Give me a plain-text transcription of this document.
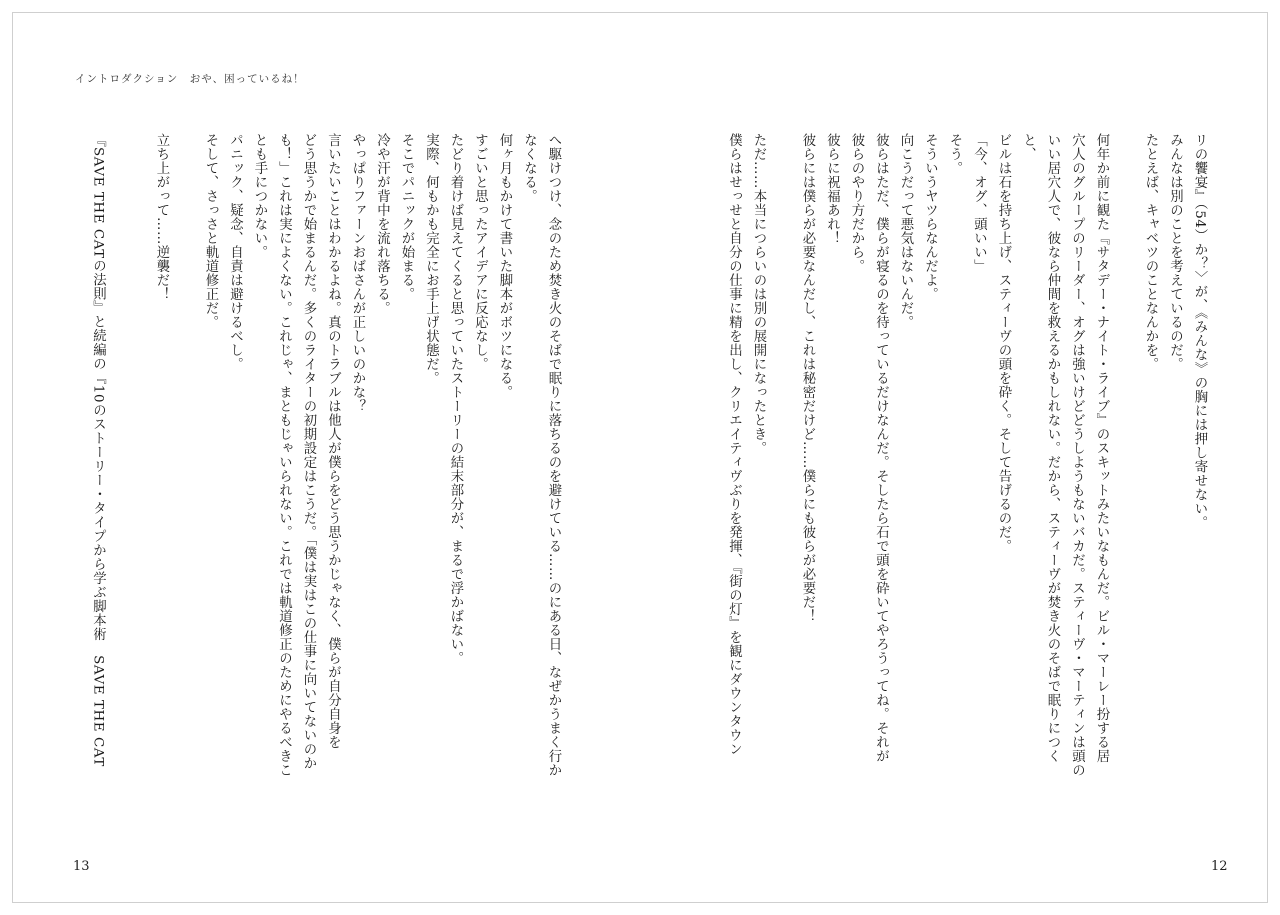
イントロダクション　おや、困っているね！

リの饗宴』（54）か？〉が、《みんな》の胸には押し寄せない。

みんなは別のことを考えているのだ。

たとえば、キャベツのことなんかを。

何年か前に観た『サタデー・ナイト・ライブ』のスキットみたいなもんだ。ビル・マーレー扮する居

穴人のグループのリーダー、オグは強いけどどうしようもないバカだ。スティーヴ・マーティンは頭の

いい居穴人で、彼なら仲間を救えるかもしれない。だから、スティーヴが焚き火のそばで眠りにつくと、

ビルは石を持ち上げ、スティーヴの頭を砕く。そして告げるのだ。

「今、オグ、頭いい」

そう。

そういうヤツらなんだよ。

向こうだって悪気はないんだ。

彼らはただ、僕らが寝るのを待っているだけなんだ。そしたら石で頭を砕いてやろうってね。それが

彼らのやり方だから。

彼らに祝福あれ！

彼らには僕らが必要なんだし、これは秘密だけど……僕らにも彼らが必要だ！

ただ……本当につらいのは別の展開になったとき。

僕らはせっせと自分の仕事に精を出し、クリエイティヴぶりを発揮、『街の灯』を観にダウンタウン

へ駆けつけ、念のため焚き火のそばで眠りに落ちるのを避けている……のにある日、なぜかうまく行か

なくなる。

何ヶ月もかけて書いた脚本がボツになる。

すごいと思ったアイデアに反応なし。

たどり着けば見えてくると思っていたストーリーの結末部分が、まるで浮かばない。

実際、何もかも完全にお手上げ状態だ。

そこでパニックが始まる。

冷や汗が背中を流れ落ちる。

やっぱりファーンおばさんが正しいのかな？

言いたいことはわかるよね。真のトラブルは他人が僕らをどう思うかじゃなく、僕らが自分自身を

どう思うかで始まるんだ。多くのライターの初期設定はこうだ。「僕は実はこの仕事に向いてないのか

も！」これは実によくない。これじゃ、まともじゃいられない。これでは軌道修正のためにやるべきこ

とも手につかない。

パニック、疑念、自責は避けるべし。

そして、さっさと軌道修正だ。

立ち上がって……逆襲だ！

『SAVE THE CATの法則』と続編の『10のストーリー・タイプから学ぶ脚本術　SAVE THE CAT
13	12
